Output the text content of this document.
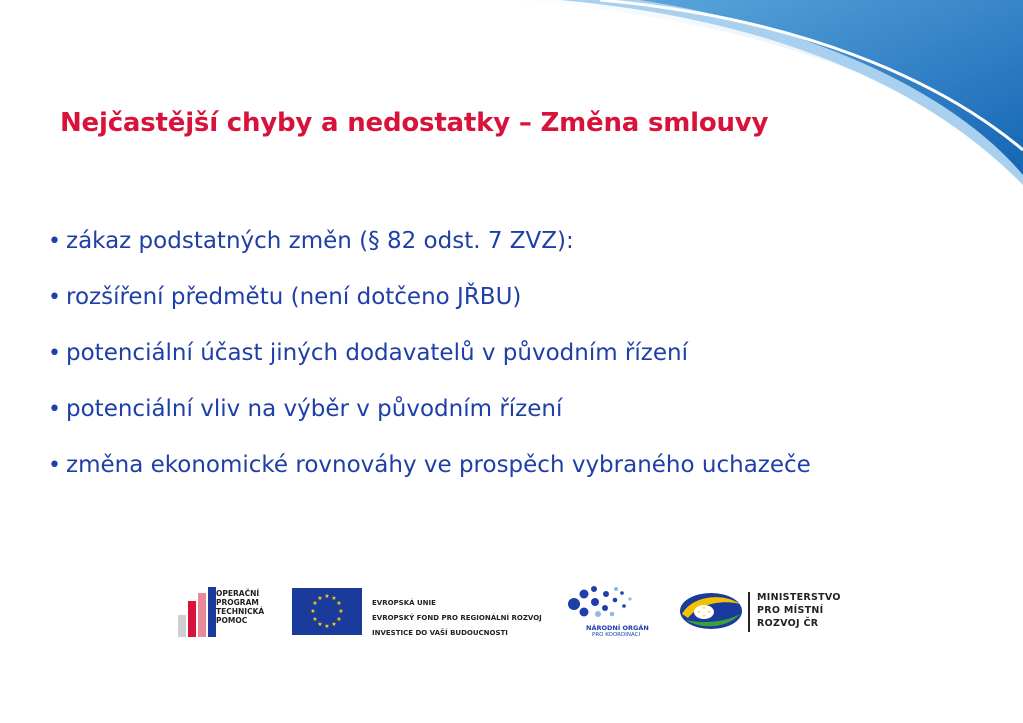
Nejčastější chyby a nedostatky – Změna smlouvy
• zákaz podstatných změn (§ 82 odst. 7 ZVZ):
• rozšíření předmětu (není dotčeno JŘBU)
• potenciální účast jiných dodavatelů v původním řízení
• potenciální vliv na výběr v původním řízení
• změna ekonomické rovnováhy ve prospěch vybraného uchazeče
OPERAČNÍ
PROGRAM
TECHNICKÁ
POMOC
★ ★
★
★
★
★
★
★
★
★
★
★
EVROPSKÁ UNIE
EVROPSKÝ FOND PRO REGIONÁLNÍ ROZVOJ
INVESTICE DO VAŠÍ BUDOUCNOSTI
NÁRODNÍ ORGÁN
PRO KOORDINACI
★
★
★
★
MINISTERSTVO
PRO MÍSTNÍ
ROZVOJ ČR
